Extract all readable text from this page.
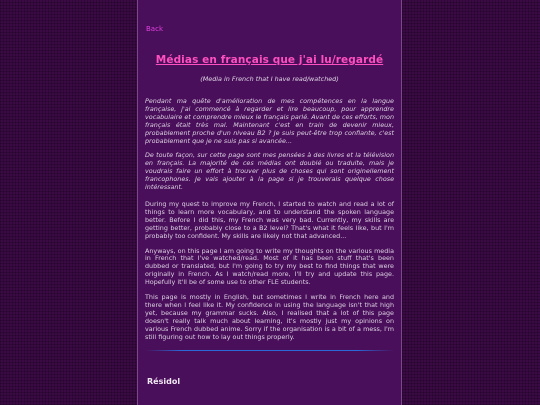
Back
Médias en français que j'ai lu/regardé
(Media in French that I have read/watched)

Pendant ma quête d'amélioration de mes compétences en la langue française, j'ai commencé à regarder et lire beaucoup, pour apprendre vocabulaire et comprendre mieux le français parlé. Avant de ces efforts, mon français était très mal. Maintenant c'est en train de devenir mieux, probablement proche d'un niveau B2 ? Je suis peut-être trop confiante, c'est probablement que je ne suis pas si avancée...

De toute façon, sur cette page sont mes pensées à des livres et la télévision en français. La majorité de ces médias ont doublé ou traduite, mais je voudrais faire un effort à trouver plus de choses qui sont originellement francophones. Je vais ajouter à la page si je trouverais quelque chose intéressant.

During my quest to improve my French, I started to watch and read a lot of things to learn more vocabulary, and to understand the spoken language better. Before I did this, my French was very bad. Currently, my skills are getting better, probably close to a B2 level? That's what it feels like, but I'm probably too confident. My skills are likely not that advanced...

Anyways, on this page I am going to write my thoughts on the various media in French that I've watched/read. Most of it has been stuff that's been dubbed or translated, but I'm going to try my best to find things that were originally in French. As I watch/read more, I'll try and update this page. Hopefully it'll be of some use to other FLE students.

This page is mostly in English, but sometimes I write in French here and there when I feel like it. My confidence in using the language isn't that high yet, because my grammar sucks. Also, I realised that a lot of this page doesn't really talk much about learning, it's mostly just my opinions on various French dubbed anime. Sorry if the organisation is a bit of a mess, I'm still figuring out how to lay out things properly.

Résidol
